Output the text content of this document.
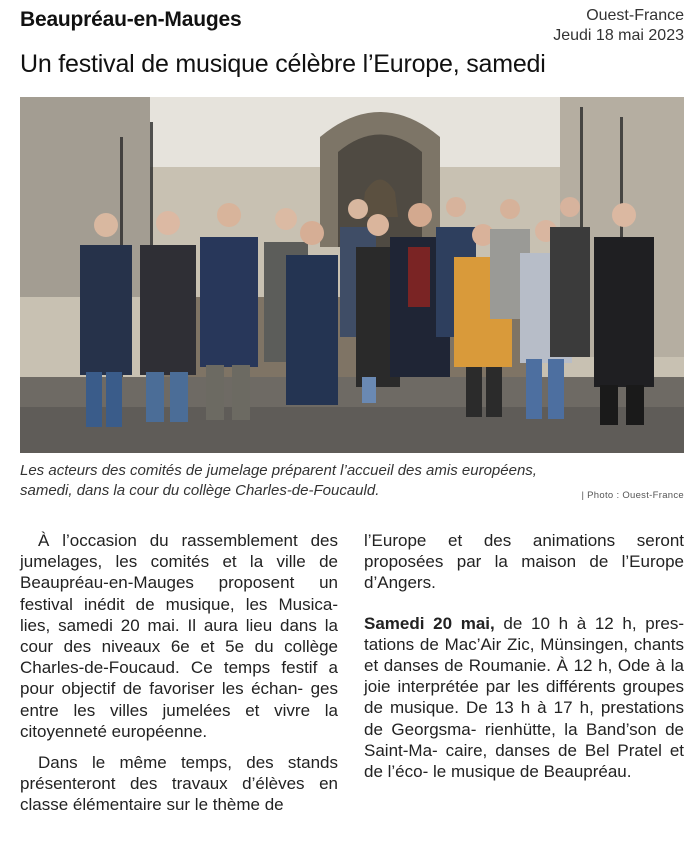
Beaupréau-en-Mauges	Ouest-France
Jeudi 18 mai 2023
Un festival de musique célèbre l’Europe, samedi
Les acteurs des comités de jumelage préparent l’accueil des amis européens, samedi, dans la cour du collège Charles-de-Foucauld.	| Photo : Ouest-France

À l’occasion du rassemblement des jumelages, les comités et la ville de Beaupréau-en-Mauges proposent un festival inédit de musique, les Musica- lies, samedi 20 mai. Il aura lieu dans la cour des niveaux 6e et 5e du collège Charles-de-Foucaud. Ce temps festif a pour objectif de favoriser les échan- ges entre les villes jumelées et vivre la citoyenneté européenne.

Dans le même temps, des stands présenteront des travaux d’élèves en classe élémentaire sur le thème de

l’Europe et des animations seront proposées par la maison de l’Europe d’Angers.

Samedi 20 mai, de 10 h à 12 h, pres- tations de Mac’Air Zic, Münsingen, chants et danses de Roumanie. À 12 h, Ode à la joie interprétée par les différents groupes de musique. De 13 h à 17 h, prestations de Georgsma- rienhütte, la Band’son de Saint-Ma- caire, danses de Bel Pratel et de l’éco- le musique de Beaupréau.
